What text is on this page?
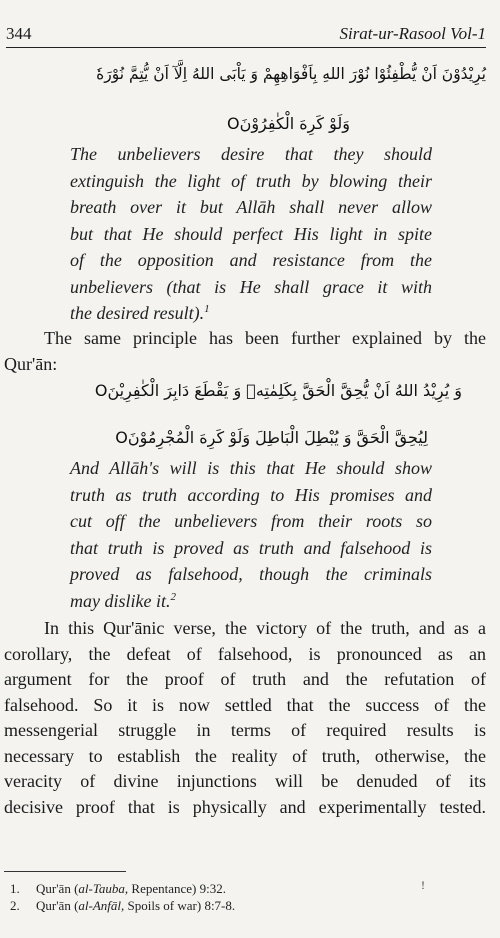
344	Sirat-ur-Rasool Vol-1
يُرِيْدُوْنَ اَنْ يُّطْفِئُوْا نُوْرَ اللهِ بِاَفْوَاهِهِمْ وَ يَاْبَى اللهُ اِلَّآ اَنْ يُّتِمَّ نُوْرَهٗ
وَلَوْ كَرِهَ الْكٰفِرُوْنَO
The unbelievers desire that they should
extinguish the light of truth by blowing their
breath over it but Allāh shall never allow
but that He should perfect His light in spite
of the opposition and resistance from the
unbelievers (that is He shall grace it with
the desired result).$^1$
The same principle has been further explained by the
Qur'ān:
وَ يُرِيْدُ اللهُ اَنْ يُّحِقَّ الْحَقَّ بِكَلِمٰتِهٖ وَ يَقْطَعَ دَابِرَ الْكٰفِرِيْنَO
لِيُحِقَّ الْحَقَّ وَ يُبْطِلَ الْبَاطِلَ وَلَوْ كَرِهَ الْمُجْرِمُوْنَO
And Allāh's will is this that He should show
truth as truth according to His promises and
cut off the unbelievers from their roots so
that truth is proved as truth and falsehood is
proved as falsehood, though the criminals
may dislike it.$^2$
In this Qur'ānic verse, the victory of the truth, and as a
corollary, the defeat of falsehood, is pronounced as an
argument for the proof of truth and the refutation of
falsehood. So it is now settled that the success of the
messengerial struggle in terms of required results is
necessary to establish the reality of truth, otherwise, the
veracity of divine injunctions will be denuded of its
decisive proof that is physically and experimentally tested.
1. Qur'ān (al-Tauba, Repentance) 9:32.
2. Qur'ān (al-Anfāl, Spoils of war) 8:7-8.
!
